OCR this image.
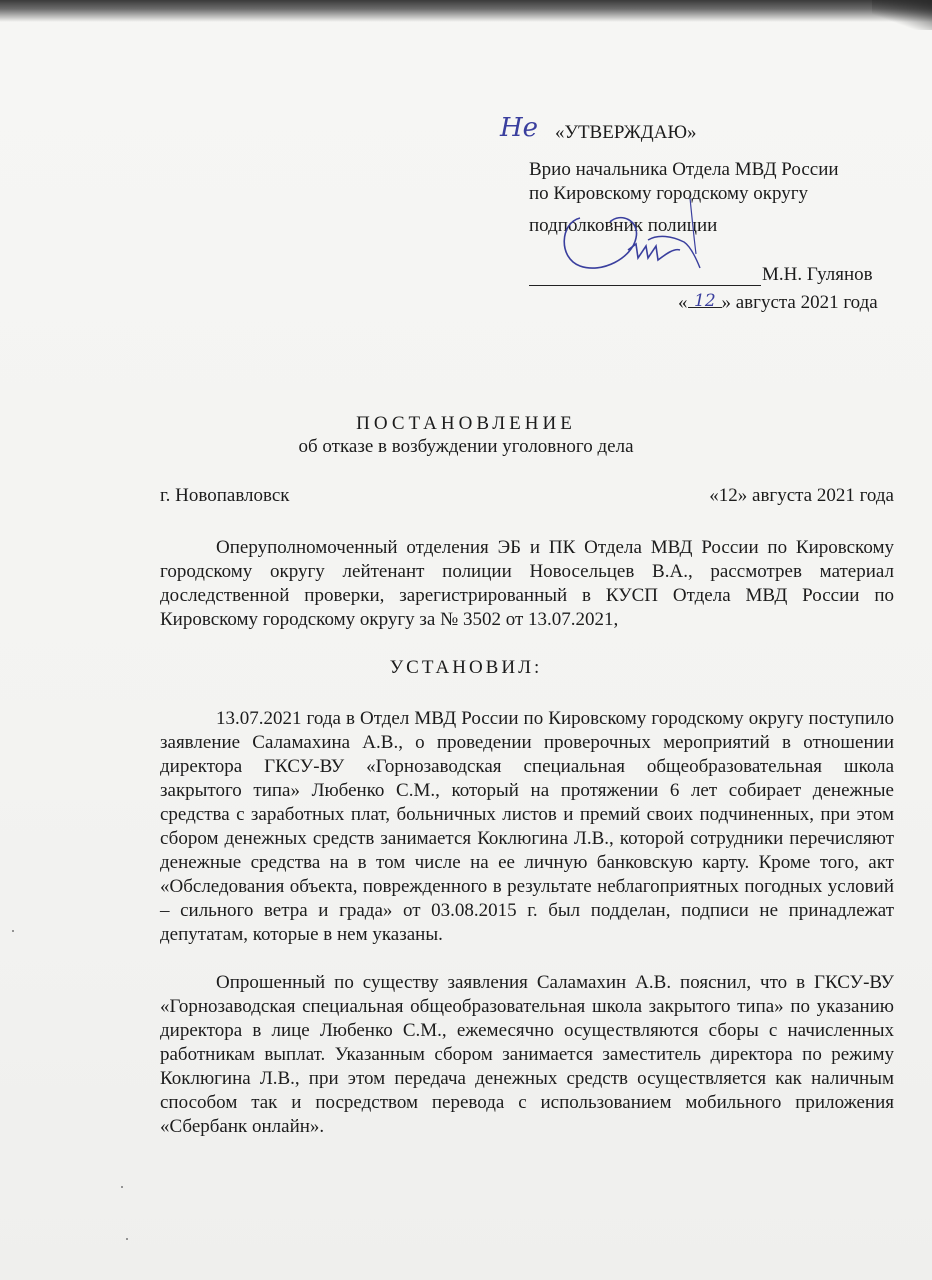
Не «УТВЕРЖДАЮ»
Врио начальника Отдела МВД России
по Кировскому городскому округу
подполковник полиции
М.Н. Гулянов
« 12 » августа 2021 года
ПОСТАНОВЛЕНИЕ
об отказе в возбуждении уголовного дела
г. Новопавловск	«12» августа 2021 года

Оперуполномоченный отделения ЭБ и ПК Отдела МВД России по Кировскому городскому округу лейтенант полиции Новосельцев В.А., рассмотрев материал доследственной проверки, зарегистрированный в КУСП Отдела МВД России по Кировскому городскому округу за № 3502 от 13.07.2021,

УСТАНОВИЛ:

13.07.2021 года в Отдел МВД России по Кировскому городскому округу поступило заявление Саламахина А.В., о проведении проверочных мероприятий в отношении директора ГКСУ-ВУ «Горнозаводская специальная общеобразовательная школа закрытого типа» Любенко С.М., который на протяжении 6 лет собирает денежные средства с заработных плат, больничных листов и премий своих подчиненных, при этом сбором денежных средств занимается Коклюгина Л.В., которой сотрудники перечисляют денежные средства на в том числе на ее личную банковскую карту. Кроме того, акт «Обследования объекта, поврежденного в результате неблагоприятных погодных условий – сильного ветра и града» от 03.08.2015 г. был подделан, подписи не принадлежат депутатам, которые в нем указаны.

Опрошенный по существу заявления Саламахин А.В. пояснил, что в ГКСУ-ВУ «Горнозаводская специальная общеобразовательная школа закрытого типа» по указанию директора в лице Любенко С.М., ежемесячно осуществляются сборы с начисленных работникам выплат. Указанным сбором занимается заместитель директора по режиму Коклюгина Л.В., при этом передача денежных средств осуществляется как наличным способом так и посредством перевода с использованием мобильного приложения «Сбербанк онлайн».
